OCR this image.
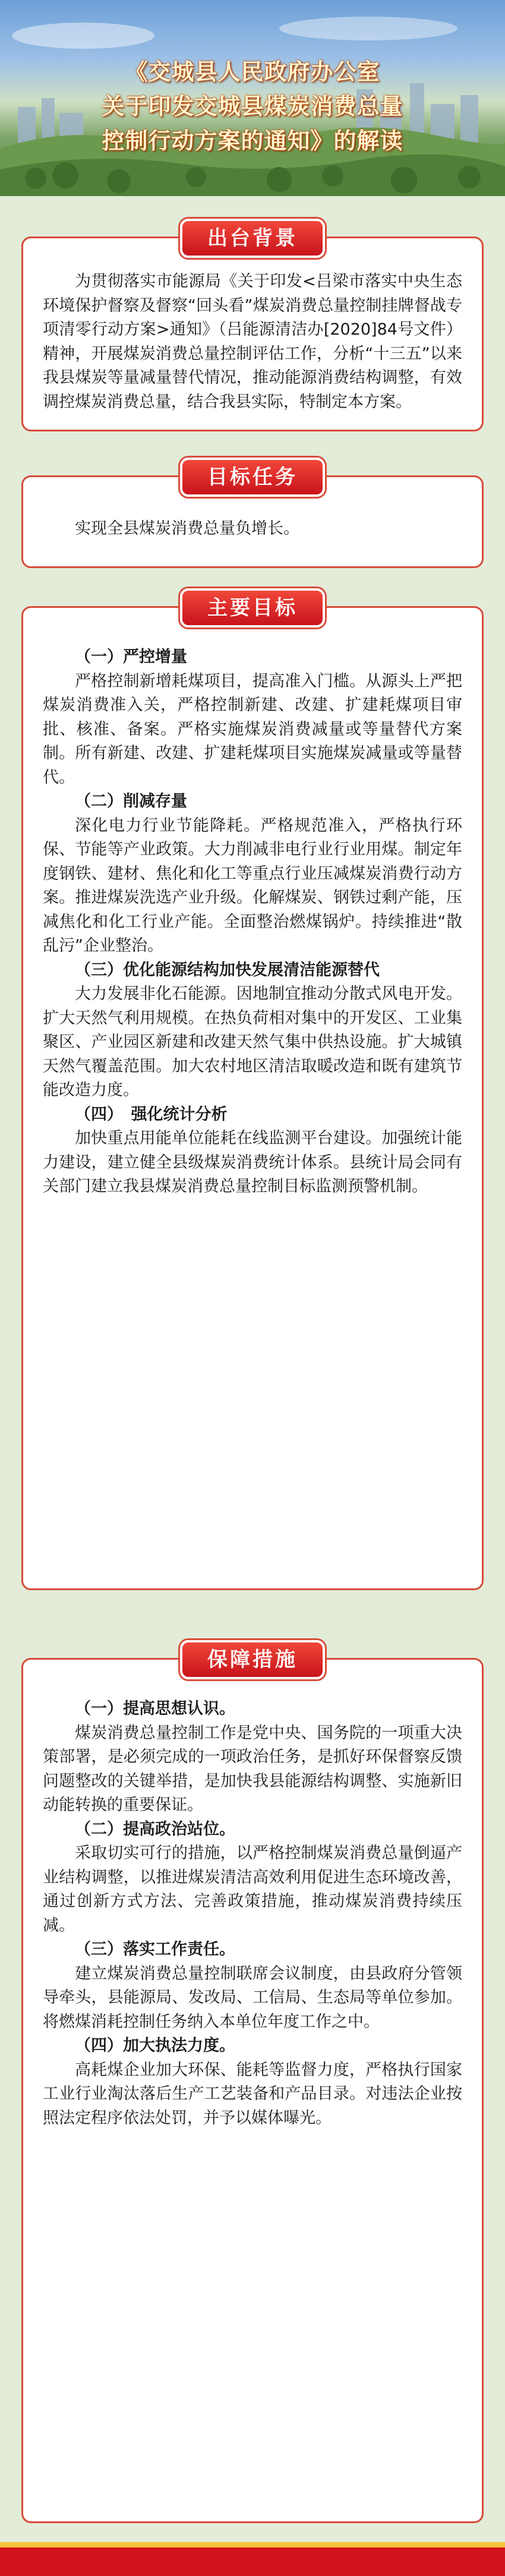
《交城县人民政府办公室
关于印发交城县煤炭消费总量
控制行动方案的通知》的解读
出台背景

为贯彻落实市能源局《关于印发<吕梁市落实中央生态环境保护督察及督察“回头看”煤炭消费总量控制挂牌督战专项清零行动方案>通知》（吕能源清洁办[2020]84号文件）精神，开展煤炭消费总量控制评估工作，分析“十三五”以来我县煤炭等量减量替代情况，推动能源消费结构调整，有效调控煤炭消费总量，结合我县实际，特制定本方案。

目标任务

实现全县煤炭消费总量负增长。

主要目标

（一）严控增量

严格控制新增耗煤项目，提高准入门槛。从源头上严把煤炭消费准入关，严格控制新建、改建、扩建耗煤项目审批、核准、备案。严格实施煤炭消费减量或等量替代方案制。所有新建、改建、扩建耗煤项目实施煤炭减量或等量替代。

（二）削减存量

深化电力行业节能降耗。严格规范准入，严格执行环保、节能等产业政策。大力削减非电行业行业用煤。制定年度钢铁、建材、焦化和化工等重点行业压减煤炭消费行动方案。推进煤炭洗选产业升级。化解煤炭、钢铁过剩产能，压减焦化和化工行业产能。全面整治燃煤锅炉。持续推进“散乱污”企业整治。

（三）优化能源结构加快发展清洁能源替代

大力发展非化石能源。因地制宜推动分散式风电开发。扩大天然气利用规模。在热负荷相对集中的开发区、工业集聚区、产业园区新建和改建天然气集中供热设施。扩大城镇天然气覆盖范围。加大农村地区清洁取暖改造和既有建筑节能改造力度。

（四）　强化统计分析

加快重点用能单位能耗在线监测平台建设。加强统计能力建设，建立健全县级煤炭消费统计体系。县统计局会同有关部门建立我县煤炭消费总量控制目标监测预警机制。

保障措施

（一）提高思想认识。

煤炭消费总量控制工作是党中央、国务院的一项重大决策部署，是必须完成的一项政治任务，是抓好环保督察反馈问题整改的关键举措，是加快我县能源结构调整、实施新旧动能转换的重要保证。

（二）提高政治站位。

采取切实可行的措施，以严格控制煤炭消费总量倒逼产业结构调整，以推进煤炭清洁高效利用促进生态环境改善，通过创新方式方法、完善政策措施，推动煤炭消费持续压减。

（三）落实工作责任。

建立煤炭消费总量控制联席会议制度，由县政府分管领导牵头，县能源局、发改局、工信局、生态局等单位参加。将燃煤消耗控制任务纳入本单位年度工作之中。

（四）加大执法力度。

高耗煤企业加大环保、能耗等监督力度，严格执行国家工业行业淘汰落后生产工艺装备和产品目录。对违法企业按照法定程序依法处罚，并予以媒体曝光。
